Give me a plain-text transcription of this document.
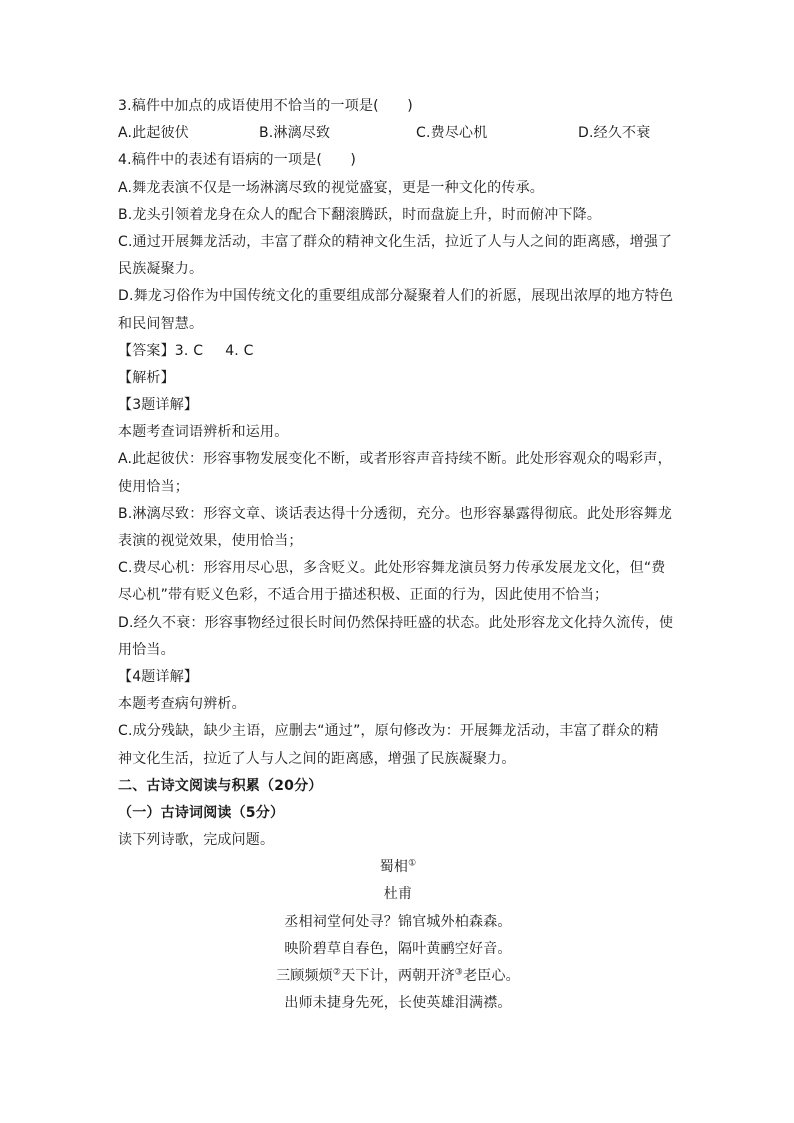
3.稿件中加点的成语使用不恰当的一项是(　　)
A.此起彼伏	B.淋漓尽致	C.费尽心机	D.经久不衰
4.稿件中的表述有语病的一项是(　　)
A.舞龙表演不仅是一场淋漓尽致的视觉盛宴，更是一种文化的传承。
B.龙头引领着龙身在众人的配合下翻滚腾跃，时而盘旋上升，时而俯冲下降。
C.通过开展舞龙活动，丰富了群众的精神文化生活，拉近了人与人之间的距离感，增强了
民族凝聚力。
D.舞龙习俗作为中国传统文化的重要组成部分凝聚着人们的祈愿，展现出浓厚的地方特色
和民间智慧。
【答案】3. C 4. C
【解析】
【3题详解】
本题考查词语辨析和运用。
A.此起彼伏：形容事物发展变化不断，或者形容声音持续不断。此处形容观众的喝彩声，
使用恰当；
B.淋漓尽致：形容文章、谈话表达得十分透彻，充分。也形容暴露得彻底。此处形容舞龙
表演的视觉效果，使用恰当；
C.费尽心机：形容用尽心思，多含贬义。此处形容舞龙演员努力传承发展龙文化，但“费
尽心机”带有贬义色彩，不适合用于描述积极、正面的行为，因此使用不恰当；
D.经久不衰：形容事物经过很长时间仍然保持旺盛的状态。此处形容龙文化持久流传，使
用恰当。
【4题详解】
本题考查病句辨析。
C.成分残缺，缺少主语，应删去“通过”，原句修改为：开展舞龙活动，丰富了群众的精
神文化生活，拉近了人与人之间的距离感，增强了民族凝聚力。
二、古诗文阅读与积累（20分）
（一）古诗词阅读（5分）
读下列诗歌，完成问题。
蜀相①
杜甫
丞相祠堂何处寻？锦官城外柏森森。
映阶碧草自春色，隔叶黄鹂空好音。
三顾频烦②天下计，两朝开济③老臣心。
出师未捷身先死，长使英雄泪满襟。
